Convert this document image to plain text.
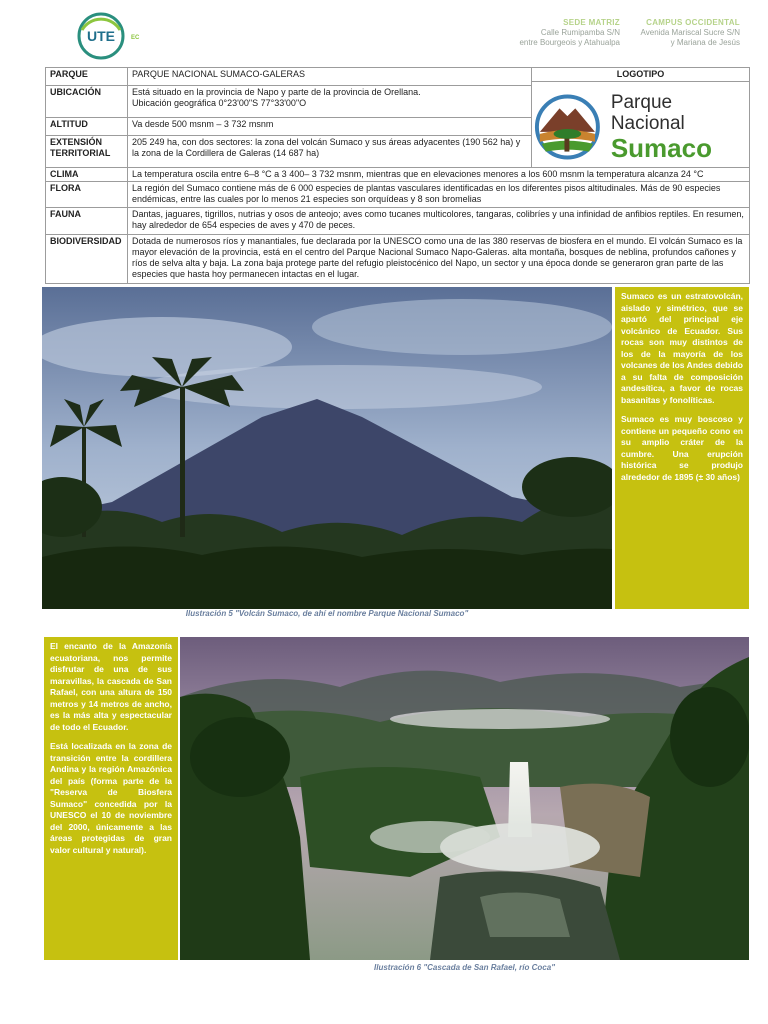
UTE	EC
SEDE MATRIZ
Calle Rumipamba S/N
entre Bourgeois y Atahualpa
CAMPUS OCCIDENTAL
Avenida Mariscal Sucre S/N
y Mariana de Jesús
PARQUE	PARQUE NACIONAL SUMACO-GALERAS	LOGOTIPO
Parque Nacional
Sumaco

UBICACIÓN	Está situado en la provincia de Napo y parte de la provincia de Orellana.
Ubicación geográfica 0°23'00"S 77°33'00"O	

ALTITUD	Va desde 500 msnm – 3 732 msnm	
EXTENSIÓN TERRITORIAL	205 249 ha, con dos sectores: la zona del volcán Sumaco y sus áreas adyacentes (190 562 ha) y la zona de la Cordillera de Galeras (14 687 ha)	
CLIMA	La temperatura oscila entre 6–8 °C a 3 400– 3 732 msnm, mientras que en elevaciones menores a los 600 msnm la temperatura alcanza 24 °C	
FLORA	La región del Sumaco contiene más de 6 000 especies de plantas vasculares identificadas en los diferentes pisos altitudinales. Más de 90 especies endémicas, entre las cuales por lo menos 21 especies son orquídeas y 8 son bromelias	
FAUNA	Dantas, jaguares, tigrillos, nutrias y osos de anteojo; aves como tucanes multicolores, tangaras, colibríes y una infinidad de anfibios reptiles. En resumen, hay alrededor de 654 especies de aves y 470 de peces.	
BIODIVERSIDAD	Dotada de numerosos ríos y manantiales, fue declarada por la UNESCO como una de las 380 reservas de biosfera en el mundo. El volcán Sumaco es la mayor elevación de la provincia, está en el centro del Parque Nacional Sumaco Napo-Galeras. alta montaña, bosques de neblina, profundos cañones y ríos de selva alta y baja. La zona baja protege parte del refugio pleistocénico del Napo, un sector y una época donde se generaron gran parte de las especies que hasta hoy permanecen intactas en el lugar.	

Sumaco es un estratovolcán, aislado y simétrico, que se apartó del principal eje volcánico de Ecuador. Sus rocas son muy distintos de los de la mayoría de los volcanes de los Andes debido a su falta de composición andesítica, a favor de rocas basanitas y fonolíticas.

Sumaco es muy boscoso y contiene un pequeño cono en su amplio cráter de la cumbre. Una erupción histórica se produjo alrededor de 1895 (± 30 años)

Ilustración 5 "Volcán Sumaco, de ahí el nombre Parque Nacional Sumaco"

El encanto de la Amazonía ecuatoriana, nos permite disfrutar de una de sus maravillas, la cascada de San Rafael, con una altura de 150 metros y 14 metros de ancho, es la más alta y espectacular de todo el Ecuador.

Está localizada en la zona de transición entre la cordillera Andina y la región Amazónica del país (forma parte de la "Reserva de Biosfera Sumaco" concedida por la UNESCO el 10 de noviembre del 2000, únicamente a las áreas protegidas de gran valor cultural y natural).

Ilustración 6 "Cascada de San Rafael, río Coca"
